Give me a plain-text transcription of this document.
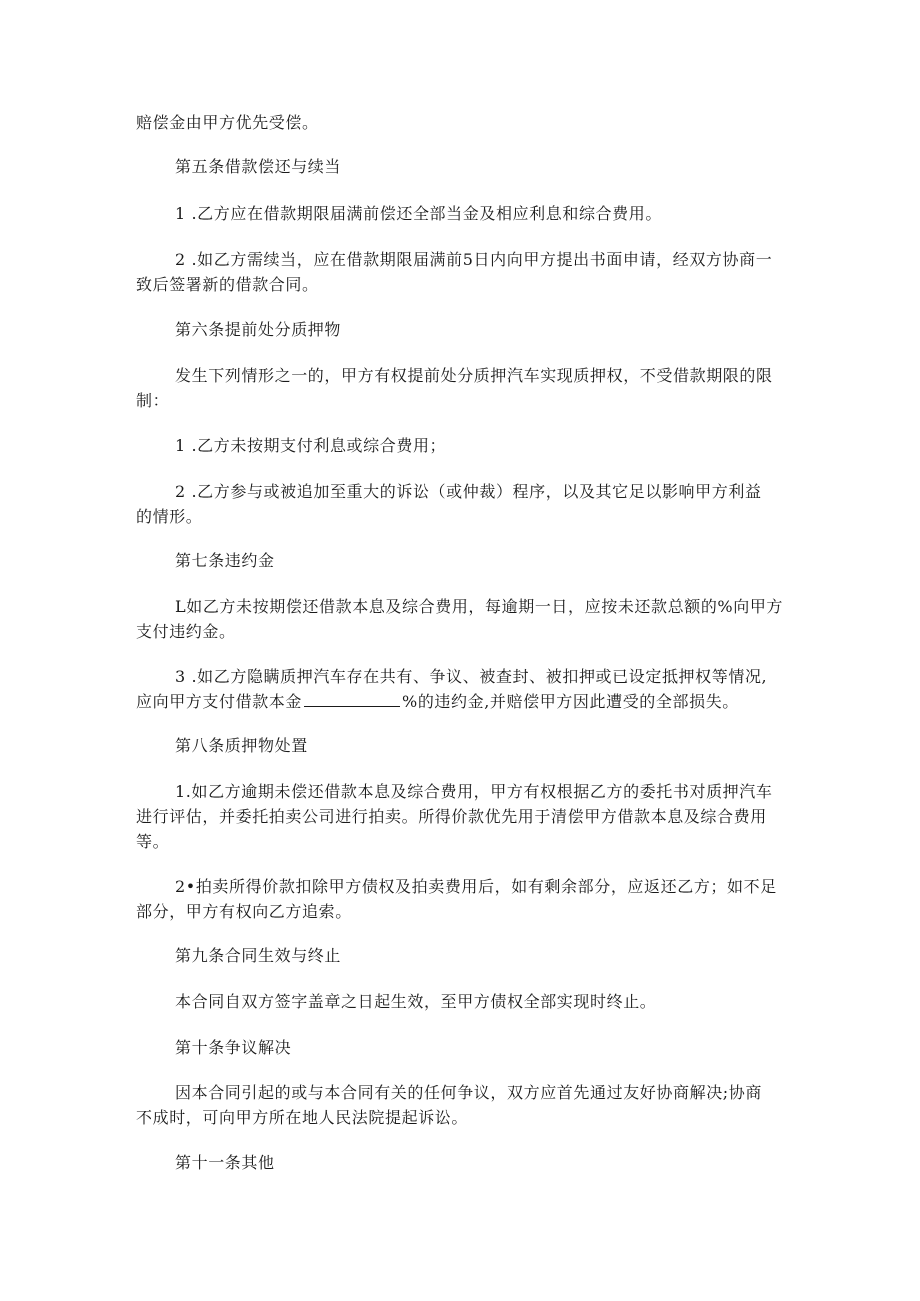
赔偿金由甲方优先受偿。
第五条借款偿还与续当
1 .乙方应在借款期限届满前偿还全部当金及相应利息和综合费用。
2 .如乙方需续当，应在借款期限届满前5日内向甲方提出书面申请，经双方协商一
致后签署新的借款合同。
第六条提前处分质押物
发生下列情形之一的，甲方有权提前处分质押汽车实现质押权，不受借款期限的限
制：
1 .乙方未按期支付利息或综合费用；
2 .乙方参与或被追加至重大的诉讼（或仲裁）程序，以及其它足以影响甲方利益
的情形。
第七条违约金
L如乙方未按期偿还借款本息及综合费用，每逾期一日，应按未还款总额的%向甲方
支付违约金。
3 .如乙方隐瞒质押汽车存在共有、争议、被查封、被扣押或已设定抵押权等情况,
应向甲方支付借款本金	%的违约金,并赔偿甲方因此遭受的全部损失。
第八条质押物处置
1.如乙方逾期未偿还借款本息及综合费用，甲方有权根据乙方的委托书对质押汽车
进行评估，并委托拍卖公司进行拍卖。所得价款优先用于清偿甲方借款本息及综合费用
等。
2•拍卖所得价款扣除甲方债权及拍卖费用后，如有剩余部分，应返还乙方；如不足
部分，甲方有权向乙方追索。
第九条合同生效与终止
本合同自双方签字盖章之日起生效，至甲方债权全部实现时终止。
第十条争议解决
因本合同引起的或与本合同有关的任何争议，双方应首先通过友好协商解决;协商
不成时，可向甲方所在地人民法院提起诉讼。
第十一条其他
